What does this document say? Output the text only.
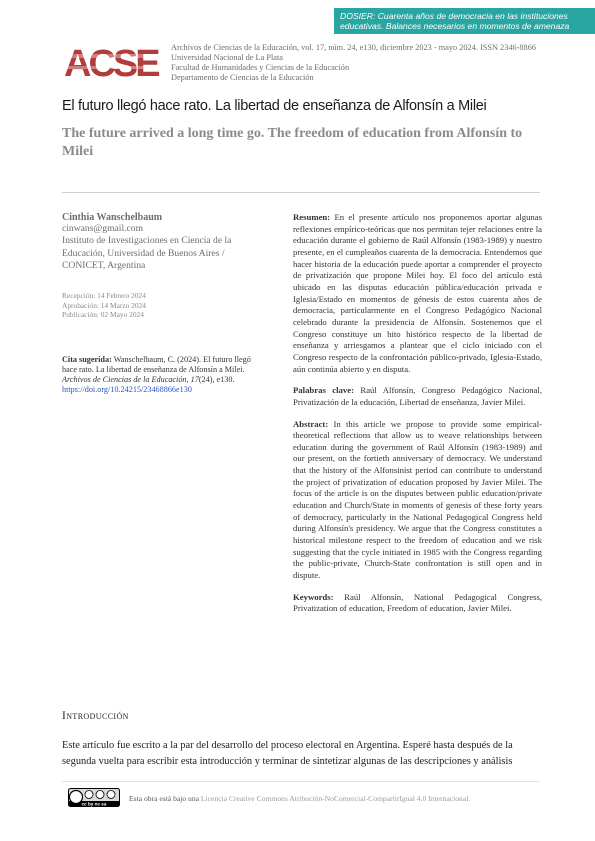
DOSIER: Cuarenta años de democracia en las instituciones
educativas. Balances necesarios en momentos de amenaza
ACSE Archivos de Ciencias de la Educación, vol. 17, núm. 24, e130, diciembre 2023 - mayo 2024. ISSN 2346-8866
Universidad Nacional de La Plata
Facultad de Humanidades y Ciencias de la Educación
Departamento de Ciencias de la Educación
El futuro llegó hace rato. La libertad de enseñanza de Alfonsín a Milei
The future arrived a long time go. The freedom of education from Alfonsín to Milei
Cinthia Wanschelbaum
cinwans@gmail.com
Instituto de Investigaciones en Ciencia de la Educación, Universidad de Buenos Aires / CONICET, Argentina
Recepción: 14 Febrero 2024
Aprobación: 14 Marzo 2024
Publicación: 02 Mayo 2024
Cita sugerida: Wanschelbaum, C. (2024). El futuro llegó hace rato. La libertad de enseñanza de Alfonsín a Milei. Archivos de Ciencias de la Educación, 17(24), e130. https://doi.org/10.24215/23468866e130
Resumen: En el presente artículo nos proponemos aportar algunas reflexiones empírico-teóricas que nos permitan tejer relaciones entre la educación durante el gobierno de Raúl Alfonsín (1983-1989) y nuestro presente, en el cumpleaños cuarenta de la democracia. Entendemos que hacer historia de la educación puede aportar a comprender el proyecto de privatización que propone Milei hoy. El foco del artículo está ubicado en las disputas educación pública/educación privada e Iglesia/Estado en momentos de génesis de estos cuarenta años de democracia, particularmente en el Congreso Pedagógico Nacional celebrado durante la presidencia de Alfonsín. Sostenemos que el Congreso constituye un hito histórico respecto de la libertad de enseñanza y arriesgamos a plantear que el ciclo iniciado con el Congreso respecto de la confrontación público-privado, Iglesia-Estado, aún continúa abierto y en disputa.
Palabras clave: Raúl Alfonsín, Congreso Pedagógico Nacional, Privatización de la educación, Libertad de enseñanza, Javier Milei.
Abstract: In this article we propose to provide some empirical-theoretical reflections that allow us to weave relationships between education during the government of Raúl Alfonsín (1983-1989) and our present, on the fortieth anniversary of democracy. We understand that the history of the Alfonsinist period can contribute to understand the project of privatization of education proposed by Javier Milei. The focus of the article is on the disputes between public education/private education and Church/State in moments of genesis of these forty years of democracy, particularly in the National Pedagogical Congress held during Alfonsín's presidency. We argue that the Congress constitutes a historical milestone respect to the freedom of education and we risk suggesting that the cycle initiated in 1985 with the Congress regarding the public-private, Church-State confrontation is still open and in dispute.
Keywords: Raúl Alfonsín, National Pedagogical Congress, Privatization of education, Freedom of education, Javier Milei.
Introducción
Este artículo fue escrito a la par del desarrollo del proceso electoral en Argentina. Esperé hasta después de la segunda vuelta para escribir esta introducción y terminar de sintetizar algunas de las descripciones y análisis
cc by nc sa
Esta obra está bajo una Licencia Creative Commons Atribución-NoComercial-CompartirIgual 4.0 Internacional.
